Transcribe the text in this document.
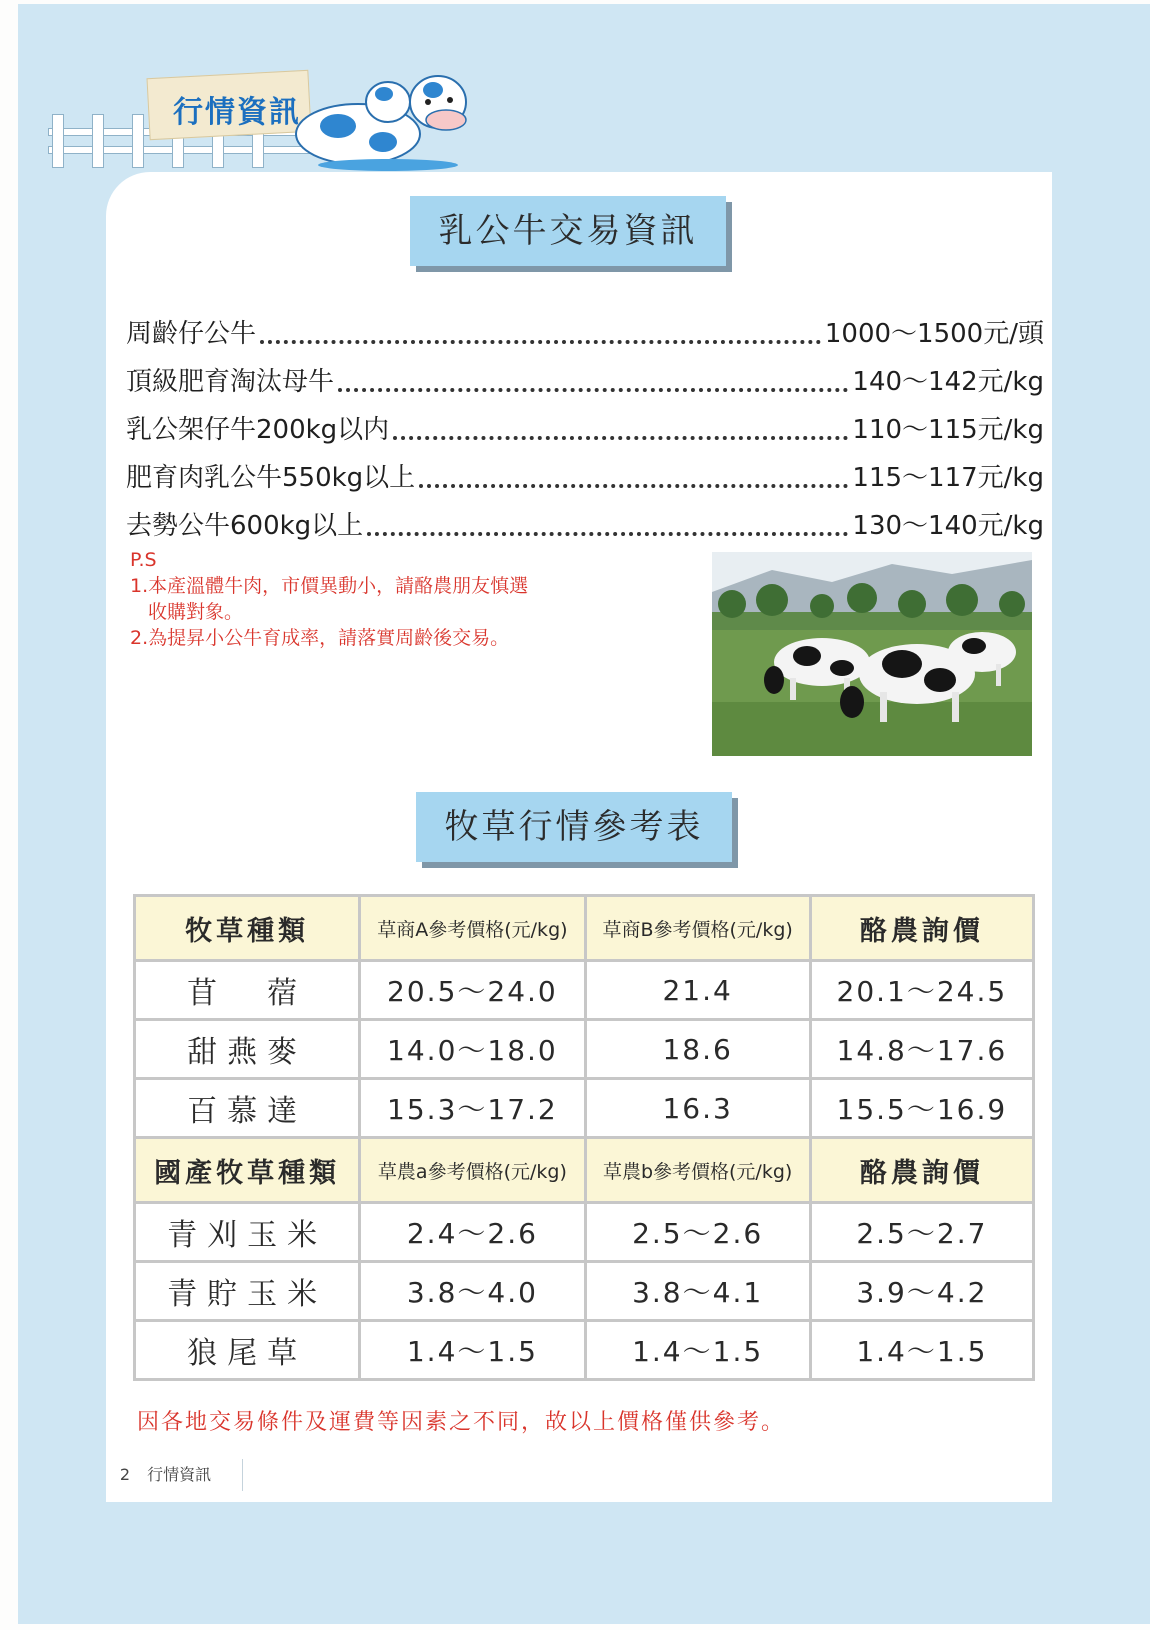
行情資訊
乳公牛交易資訊
周齡仔公牛	1000～1500元/頭
頂級肥育淘汰母牛	140～142元/kg
乳公架仔牛200kg以内	110～115元/kg
肥育肉乳公牛550kg以上	115～117元/kg
去勢公牛600kg以上	130～140元/kg

P.S

1.本產溫體牛肉，市價異動小，請酪農朋友慎選

收購對象。

2.為提昇小公牛育成率，請落實周齡後交易。

牧草行情參考表
牧草種類	草商A參考價格(元/kg)	草商B參考價格(元/kg)	酪農詢價
苜　蓿	20.5～24.0	21.4	20.1～24.5
甜燕麥	14.0～18.0	18.6	14.8～17.6
百慕達	15.3～17.2	16.3	15.5～16.9
國產牧草種類	草農a參考價格(元/kg)	草農b參考價格(元/kg)	酪農詢價
青刈玉米	2.4～2.6	2.5～2.6	2.5～2.7
青貯玉米	3.8～4.0	3.8～4.1	3.9～4.2
狼尾草	1.4～1.5	1.4～1.5	1.4～1.5
因各地交易條件及運費等因素之不同，故以上價格僅供參考。
2 行情資訊
